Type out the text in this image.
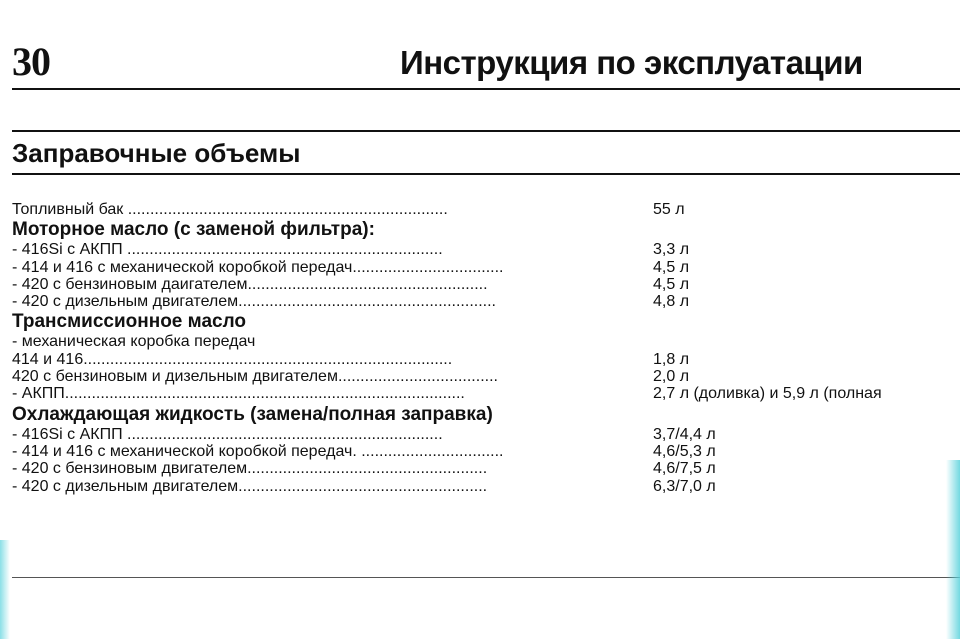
30	Инструкция по эксплуатации
Заправочные объемы
Топливный бак ........................................................................	55 л
Моторное масло (с заменой фильтра):
- 416Si с АКПП .......................................................................	3,3 л
- 414 и 416 с механической коробкой передач..................................	4,5 л
- 420 с бензиновым даигателем......................................................	4,5 л
- 420 с дизельным двигателем..........................................................	4,8 л
Трансмиссионное масло
- механическая коробка передач
414 и 416...................................................................................	1,8 л
420 с бензиновым и дизельным двигателем....................................	2,0 л
- АКПП..........................................................................................	2,7 л (доливка) и 5,9 л (полная
Охлаждающая жидкость (замена/полная заправка)
- 416Si с АКПП .......................................................................	3,7/4,4 л
- 414 и 416 с механической коробкой передач. ................................	4,6/5,3 л
- 420 с бензиновым двигателем......................................................	4,6/7,5 л
- 420 с дизельным двигателем........................................................	6,3/7,0 л
